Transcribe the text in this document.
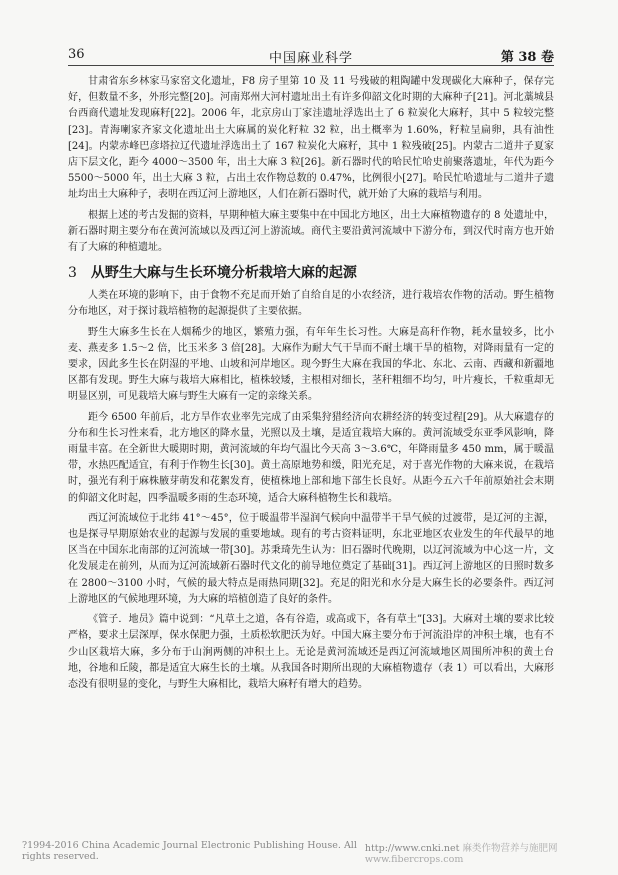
36	中国麻业科学	第 38 卷

甘肃省东乡林家马家窑文化遗址，F8 房子里第 10 及 11 号残破的粗陶罐中发现碳化大麻种子，保存完好，但数量不多，外形完整[20]。河南郑州大河村遗址出土有许多仰韶文化时期的大麻种子[21]。河北藁城县台西商代遗址发现麻籽[22]。2006 年，北京房山丁家洼遗址浮选出土了 6 粒炭化大麻籽，其中 5 粒较完整[23]。青海喇家齐家文化遗址出土大麻属的炭化籽粒 32 粒，出土概率为 1.60%，籽粒呈扁卵，具有油性[24]。内蒙赤峰巴彦塔拉辽代遗址浮选出土了 167 粒炭化大麻籽，其中 1 粒残破[25]。内蒙古二道井子夏家店下层文化，距今 4000～3500 年，出土大麻 3 粒[26]。新石器时代的哈民忙哈史前聚落遗址，年代为距今 5500～5000 年，出土大麻 3 粒，占出土农作物总数的 0.47%，比例很小[27]。哈民忙哈遗址与二道井子遗址均出土大麻种子，表明在西辽河上游地区，人们在新石器时代，就开始了大麻的栽培与利用。

根据上述的考古发掘的资料，早期种植大麻主要集中在中国北方地区，出土大麻植物遗存的 8 处遗址中，新石器时期主要分布在黄河流域以及西辽河上游流域。商代主要沿黄河流域中下游分布，到汉代时南方也开始有了大麻的种植遗址。

3 从野生大麻与生长环境分析栽培大麻的起源

人类在环境的影响下，由于食物不充足而开始了自给自足的小农经济，进行栽培农作物的活动。野生植物分布地区，对于探讨栽培植物的起源提供了主要依据。

野生大麻多生长在人烟稀少的地区，繁殖力强，有年年生长习性。大麻是高秆作物，耗水量较多，比小麦、燕麦多 1.5～2 倍，比玉米多 3 倍[28]。大麻作为耐大气干旱而不耐土壤干旱的植物，对降雨量有一定的要求，因此多生长在阴湿的平地、山坡和河岸地区。现今野生大麻在我国的华北、东北、云南、西藏和新疆地区都有发现。野生大麻与栽培大麻相比，植株较矮，主根相对细长，茎秆粗细不均匀，叶片瘦长，千粒重却无明显区别，可见栽培大麻与野生大麻有一定的亲缘关系。

距今 6500 年前后，北方旱作农业率先完成了由采集狩猎经济向农耕经济的转变过程[29]。从大麻遗存的分布和生长习性来看，北方地区的降水量，光照以及土壤，是适宜栽培大麻的。黄河流域受东亚季风影响，降雨量丰富。在全新世大暖期时期，黄河流域的年均气温比今天高 3～3.6℃，年降雨量多 450 mm，属于暖温带，水热匹配适宜，有利于作物生长[30]。黄土高原地势和缓，阳光充足，对于喜光作物的大麻来说，在栽培时，强光有利于麻株腋芽萌发和花絮发育，使植株地上部和地下部生长良好。从距今五六千年前原始社会末期的仰韶文化时起，四季温暖多雨的生态环境，适合大麻科植物生长和栽培。

西辽河流域位于北纬 41°～45°，位于暖温带半湿润气候向中温带半干旱气候的过渡带，是辽河的主源，也是探寻早期原始农业的起源与发展的重要地域。现有的考古资料证明，东北亚地区农业发生的年代最早的地区当在中国东北南部的辽河流域一带[30]。苏秉琦先生认为：旧石器时代晚期，以辽河流域为中心这一片，文化发展走在前列，从而为辽河流域新石器时代文化的前导地位奠定了基础[31]。西辽河上游地区的日照时数多在 2800～3100 小时，气候的最大特点是雨热同期[32]。充足的阳光和水分是大麻生长的必要条件。西辽河上游地区的气候地理环境，为大麻的培植创造了良好的条件。

《管子．地员》篇中说到：“凡草土之道，各有谷造，或高或下，各有草土”[33]。大麻对土壤的要求比较严格，要求土层深厚，保水保肥力强，土质松软肥沃为好。中国大麻主要分布于河流沿岸的冲积土壤，也有不少山区栽培大麻，多分布于山涧两侧的冲积土上。无论是黄河流域还是西辽河流域地区周围所冲积的黄土台地，谷地和丘陵，都是适宜大麻生长的土壤。从我国各时期所出现的大麻植物遗存（表 1）可以看出，大麻形态没有很明显的变化，与野生大麻相比，栽培大麻籽有增大的趋势。

?1994-2016 China Academic Journal Electronic Publishing House. All rights reserved.
http://www.cnki.net 麻类作物营养与施肥网 www.fibercrops.com
